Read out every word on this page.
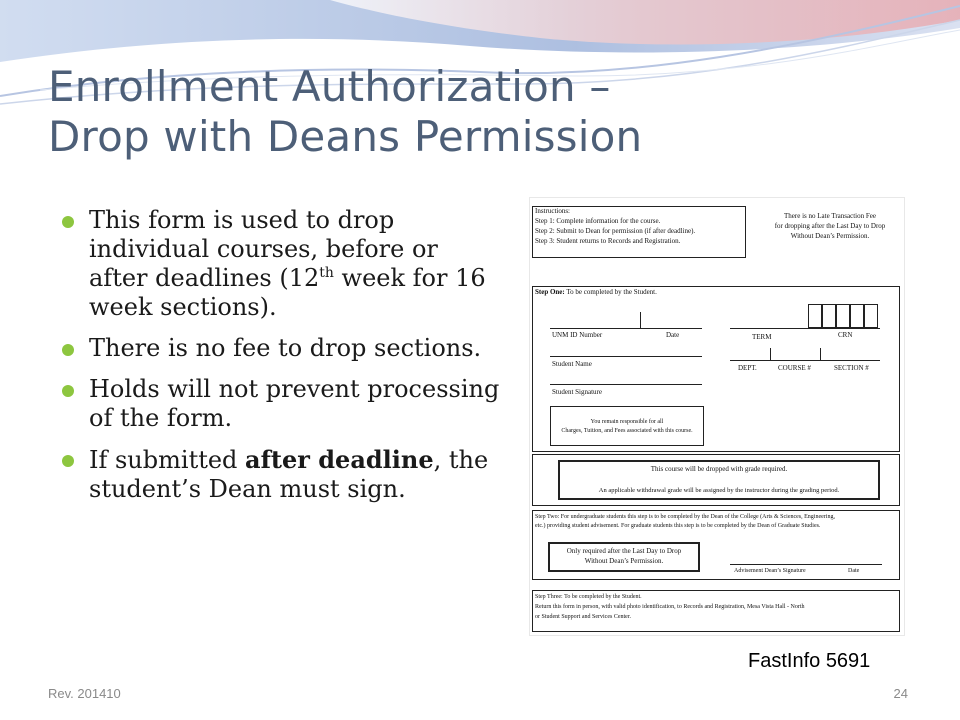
Enrollment Authorization –
Drop with Deans Permission
This form is used to drop individual courses, before or after deadlines (12th week for 16 week sections).
There is no fee to drop sections.
Holds will not prevent processing of the form.
If submitted after deadline, the student’s Dean must sign.
Instructions:
Step 1: Complete information for the course.
Step 2: Submit to Dean for permission (if after deadline).
Step 3: Student returns to Records and Registration.
There is no Late Transaction Fee
for dropping after the Last Day to Drop
Without Dean’s Permission.
Step One: To be completed by the Student.
UNM ID Number	Date	TERM	CRN
DEPT.	COURSE #	SECTION #
Student Name
Student Signature
You remain responsible for all
Charges, Tuition, and Fees associated with this course.
This course will be dropped with grade required.
An applicable withdrawal grade will be assigned by the instructor during the grading period.
Step Two: For undergraduate students this step is to be completed by the Dean of the College (Arts & Sciences, Engineering,
etc.) providing student advisement. For graduate students this step is to be completed by the Dean of Graduate Studies.
Only required after the Last Day to Drop
Without Dean’s Permission.
Advisement Dean’s Signature	Date
Step Three: To be completed by the Student.
Return this form in person, with valid photo identification, to Records and Registration, Mesa Vista Hall - North
or Student Support and Services Center.
FastInfo 5691
Rev. 201410	24
